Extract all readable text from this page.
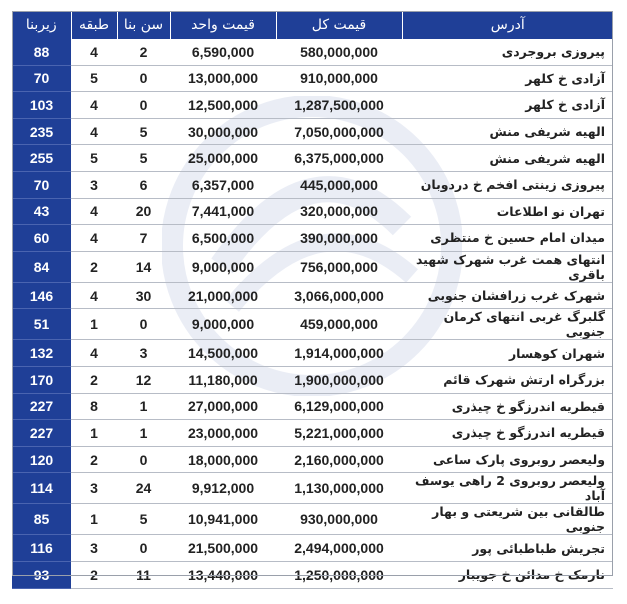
آدرس	قیمت کل	قیمت واحد	سن بنا	طبقه	زیربنا
پیروزی بروجردی	580,000,000	6,590,000	2	4	88
آزادی خ کلهر	910,000,000	13,000,000	0	5	70
آزادی خ کلهر	1,287,500,000	12,500,000	0	4	103
الهیه شریفی منش	7,050,000,000	30,000,000	5	4	235
الهیه شریفی منش	6,375,000,000	25,000,000	5	5	255
پیروزی زینتی افخم خ دردوبان	445,000,000	6,357,000	6	3	70
تهران نو اطلاعات	320,000,000	7,441,000	20	4	43
میدان امام حسین خ منتظری	390,000,000	6,500,000	7	4	60
انتهای همت غرب شهرک شهید باقری	756,000,000	9,000,000	14	2	84
شهرک غرب زرافشان جنوبی	3,066,000,000	21,000,000	30	4	146
گلبرگ غربی انتهای کرمان جنوبی	459,000,000	9,000,000	0	1	51
شهران کوهسار	1,914,000,000	14,500,000	3	4	132
بزرگراه ارتش شهرک قائم	1,900,000,000	11,180,000	12	2	170
قیطریه اندرزگو خ چیذری	6,129,000,000	27,000,000	1	8	227
قیطریه اندرزگو خ چیذری	5,221,000,000	23,000,000	1	1	227
ولیعصر روبروی پارک ساعی	2,160,000,000	18,000,000	0	2	120
ولیعصر روبروی 2 راهی یوسف آباد	1,130,000,000	9,912,000	24	3	114
طالقانی بین شریعتی و بهار جنوبی	930,000,000	10,941,000	5	1	85
تجریش طباطبائی پور	2,494,000,000	21,500,000	0	3	116
نارمک خ مدائن خ جویبار	1,250,000,000	13,440,000	11	2	93
